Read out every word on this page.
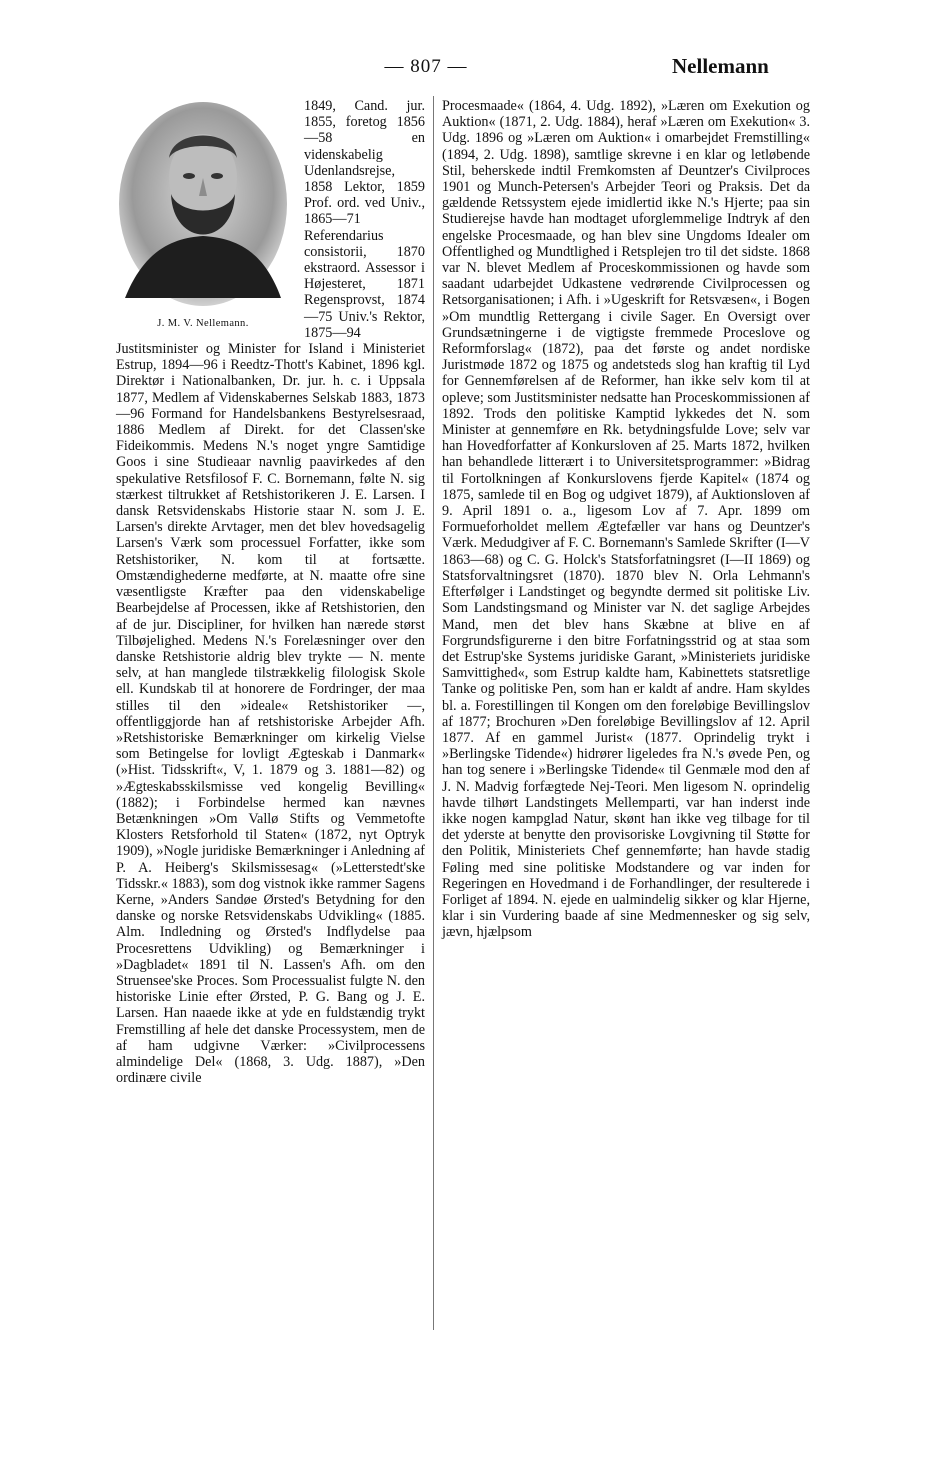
— 807 —	Nellemann
J. M. V. Nellemann.

1849, Cand. jur. 1855, foretog 1856—58 en videnskabelig Udenlandsrejse, 1858 Lektor, 1859 Prof. ord. ved Univ., 1865—71 Referendarius consistorii, 1870 ekstraord. Assessor i Højesteret, 1871 Regensprovst, 1874—75 Univ.'s Rektor, 1875—94 Justitsminister og Minister for Island i Ministeriet Estrup, 1894—96 i Reedtz-Thott's Kabinet, 1896 kgl. Direktør i Nationalbanken, Dr. jur. h. c. i Uppsala 1877, Medlem af Videnskabernes Selskab 1883, 1873—96 Formand for Handelsbankens Bestyrelsesraad, 1886 Medlem af Direkt. for det Classen'ske Fideikommis. Medens N.'s noget yngre Samtidige Goos i sine Studieaar navnlig paavirkedes af den spekulative Retsfilosof F. C. Bornemann, følte N. sig stærkest tiltrukket af Retshistorikeren J. E. Larsen. I dansk Retsvidenskabs Historie staar N. som J. E. Larsen's direkte Arvtager, men det blev hovedsagelig Larsen's Værk som processuel Forfatter, ikke som Retshistoriker, N. kom til at fortsætte. Omstændighederne medførte, at N. maatte ofre sine væsentligste Kræfter paa den videnskabelige Bearbejdelse af Processen, ikke af Retshistorien, den af de jur. Discipliner, for hvilken han nærede størst Tilbøjelighed. Medens N.'s Forelæsninger over den danske Retshistorie aldrig blev trykte — N. mente selv, at han manglede tilstrækkelig filologisk Skole ell. Kundskab til at honorere de Fordringer, der maa stilles til den »ideale« Retshistoriker —, offentliggjorde han af retshistoriske Arbejder Afh. »Retshistoriske Bemærkninger om kirkelig Vielse som Betingelse for lovligt Ægteskab i Danmark« (»Hist. Tidsskrift«, V, 1. 1879 og 3. 1881—82) og »Ægteskabsskilsmisse ved kongelig Bevilling« (1882); i Forbindelse hermed kan nævnes Betænkningen »Om Vallø Stifts og Vemmetofte Klosters Retsforhold til Staten« (1872, nyt Optryk 1909), »Nogle juridiske Bemærkninger i Anledning af P. A. Heiberg's Skilsmissesag« (»Letterstedt'ske Tidsskr.« 1883), som dog vistnok ikke rammer Sagens Kerne, »Anders Sandøe Ørsted's Betydning for den danske og norske Retsvidenskabs Udvikling« (1885. Alm. Indledning og Ørsted's Indflydelse paa Procesrettens Udvikling) og Bemærkninger i »Dagbladet« 1891 til N. Lassen's Afh. om den Struensee'ske Proces. Som Processualist fulgte N. den historiske Linie efter Ørsted, P. G. Bang og J. E. Larsen. Han naaede ikke at yde en fuldstændig trykt Fremstilling af hele det danske Processystem, men de af ham udgivne Værker: »Civilprocessens almindelige Del« (1868, 3. Udg. 1887), »Den ordinære civile

Procesmaade« (1864, 4. Udg. 1892), »Læren om Exekution og Auktion« (1871, 2. Udg. 1884), heraf »Læren om Exekution« 3. Udg. 1896 og »Læren om Auktion« i omarbejdet Fremstilling« (1894, 2. Udg. 1898), samtlige skrevne i en klar og letløbende Stil, beherskede indtil Fremkomsten af Deuntzer's Civilproces 1901 og Munch-Petersen's Arbejder Teori og Praksis. Det da gældende Retssystem ejede imidlertid ikke N.'s Hjerte; paa sin Studierejse havde han modtaget uforglemmelige Indtryk af den engelske Procesmaade, og han blev sine Ungdoms Idealer om Offentlighed og Mundtlighed i Retsplejen tro til det sidste. 1868 var N. blevet Medlem af Proceskommissionen og havde som saadant udarbejdet Udkastene vedrørende Civilprocessen og Retsorganisationen; i Afh. i »Ugeskrift for Retsvæsen«, i Bogen »Om mundtlig Rettergang i civile Sager. En Oversigt over Grundsætningerne i de vigtigste fremmede Proceslove og Reformforslag« (1872), paa det første og andet nordiske Juristmøde 1872 og 1875 og andetsteds slog han kraftig til Lyd for Gennemførelsen af de Reformer, han ikke selv kom til at opleve; som Justitsminister nedsatte han Proceskommissionen af 1892. Trods den politiske Kamptid lykkedes det N. som Minister at gennemføre en Rk. betydningsfulde Love; selv var han Hovedforfatter af Konkursloven af 25. Marts 1872, hvilken han behandlede litterært i to Universitetsprogrammer: »Bidrag til Fortolkningen af Konkurslovens fjerde Kapitel« (1874 og 1875, samlede til en Bog og udgivet 1879), af Auktionsloven af 9. April 1891 o. a., ligesom Lov af 7. Apr. 1899 om Formueforholdet mellem Ægtefæller var hans og Deuntzer's Værk. Medudgiver af F. C. Bornemann's Samlede Skrifter (I—V 1863—68) og C. G. Holck's Statsforfatningsret (I—II 1869) og Statsforvaltningsret (1870). 1870 blev N. Orla Lehmann's Efterfølger i Landstinget og begyndte dermed sit politiske Liv. Som Landstingsmand og Minister var N. det saglige Arbejdes Mand, men det blev hans Skæbne at blive en af Forgrundsfigurerne i den bitre Forfatningsstrid og at staa som det Estrup'ske Systems juridiske Garant, »Ministeriets juridiske Samvittighed«, som Estrup kaldte ham, Kabinettets statsretlige Tanke og politiske Pen, som han er kaldt af andre. Ham skyldes bl. a. Forestillingen til Kongen om den foreløbige Bevillingslov af 1877; Brochuren »Den foreløbige Bevillingslov af 12. April 1877. Af en gammel Jurist« (1877. Oprindelig trykt i »Berlingske Tidende«) hidrører ligeledes fra N.'s øvede Pen, og han tog senere i »Berlingske Tidende« til Genmæle mod den af J. N. Madvig forfægtede Nej-Teori. Men ligesom N. oprindelig havde tilhørt Landstingets Mellemparti, var han inderst inde ikke nogen kampglad Natur, skønt han ikke veg tilbage for til det yderste at benytte den provisoriske Lovgivning til Støtte for den Politik, Ministeriets Chef gennemførte; han havde stadig Føling med sine politiske Modstandere og var inden for Regeringen en Hovedmand i de Forhandlinger, der resulterede i Forliget af 1894. N. ejede en ualmindelig sikker og klar Hjerne, klar i sin Vurdering baade af sine Medmennesker og sig selv, jævn, hjælpsom
